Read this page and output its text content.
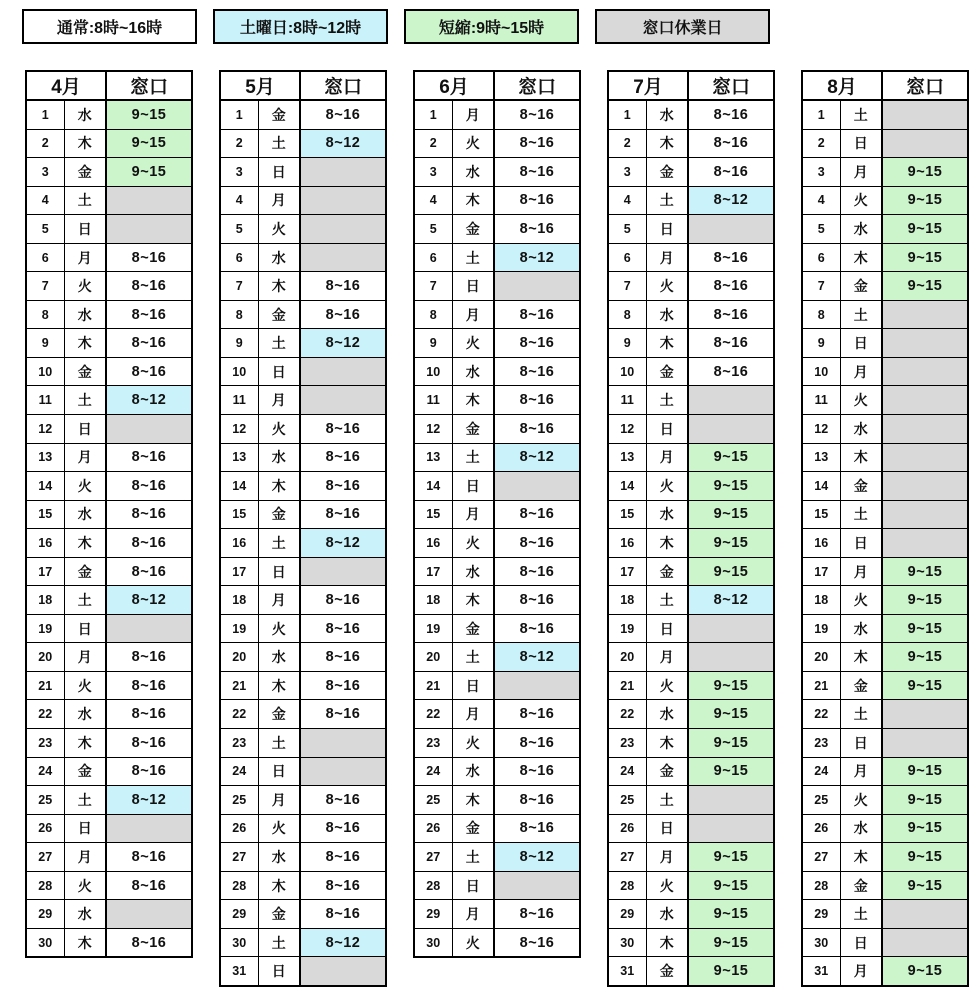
通常:8時~16時	土曜日:8時~12時	短縮:9時~15時	窓口休業日
4月		窓口
1	水	9~15
2	木	9~15
3	金	9~15
4	土	
5	日	
6	月	8~16
7	火	8~16
8	水	8~16
9	木	8~16
10	金	8~16
11	土	8~12
12	日	
13	月	8~16
14	火	8~16
15	水	8~16
16	木	8~16
17	金	8~16
18	土	8~12
19	日	
20	月	8~16
21	火	8~16
22	水	8~16
23	木	8~16
24	金	8~16
25	土	8~12
26	日	
27	月	8~16
28	火	8~16
29	水	
30	木	8~16
5月		窓口
1	金	8~16
2	土	8~12
3	日	
4	月	
5	火	
6	水	
7	木	8~16
8	金	8~16
9	土	8~12
10	日	
11	月	
12	火	8~16
13	水	8~16
14	木	8~16
15	金	8~16
16	土	8~12
17	日	
18	月	8~16
19	火	8~16
20	水	8~16
21	木	8~16
22	金	8~16
23	土	
24	日	
25	月	8~16
26	火	8~16
27	水	8~16
28	木	8~16
29	金	8~16
30	土	8~12
31	日	
6月		窓口
1	月	8~16
2	火	8~16
3	水	8~16
4	木	8~16
5	金	8~16
6	土	8~12
7	日	
8	月	8~16
9	火	8~16
10	水	8~16
11	木	8~16
12	金	8~16
13	土	8~12
14	日	
15	月	8~16
16	火	8~16
17	水	8~16
18	木	8~16
19	金	8~16
20	土	8~12
21	日	
22	月	8~16
23	火	8~16
24	水	8~16
25	木	8~16
26	金	8~16
27	土	8~12
28	日	
29	月	8~16
30	火	8~16
7月		窓口
1	水	8~16
2	木	8~16
3	金	8~16
4	土	8~12
5	日	
6	月	8~16
7	火	8~16
8	水	8~16
9	木	8~16
10	金	8~16
11	土	
12	日	
13	月	9~15
14	火	9~15
15	水	9~15
16	木	9~15
17	金	9~15
18	土	8~12
19	日	
20	月	
21	火	9~15
22	水	9~15
23	木	9~15
24	金	9~15
25	土	
26	日	
27	月	9~15
28	火	9~15
29	水	9~15
30	木	9~15
31	金	9~15
8月		窓口
1	土	
2	日	
3	月	9~15
4	火	9~15
5	水	9~15
6	木	9~15
7	金	9~15
8	土	
9	日	
10	月	
11	火	
12	水	
13	木	
14	金	
15	土	
16	日	
17	月	9~15
18	火	9~15
19	水	9~15
20	木	9~15
21	金	9~15
22	土	
23	日	
24	月	9~15
25	火	9~15
26	水	9~15
27	木	9~15
28	金	9~15
29	土	
30	日	
31	月	9~15
